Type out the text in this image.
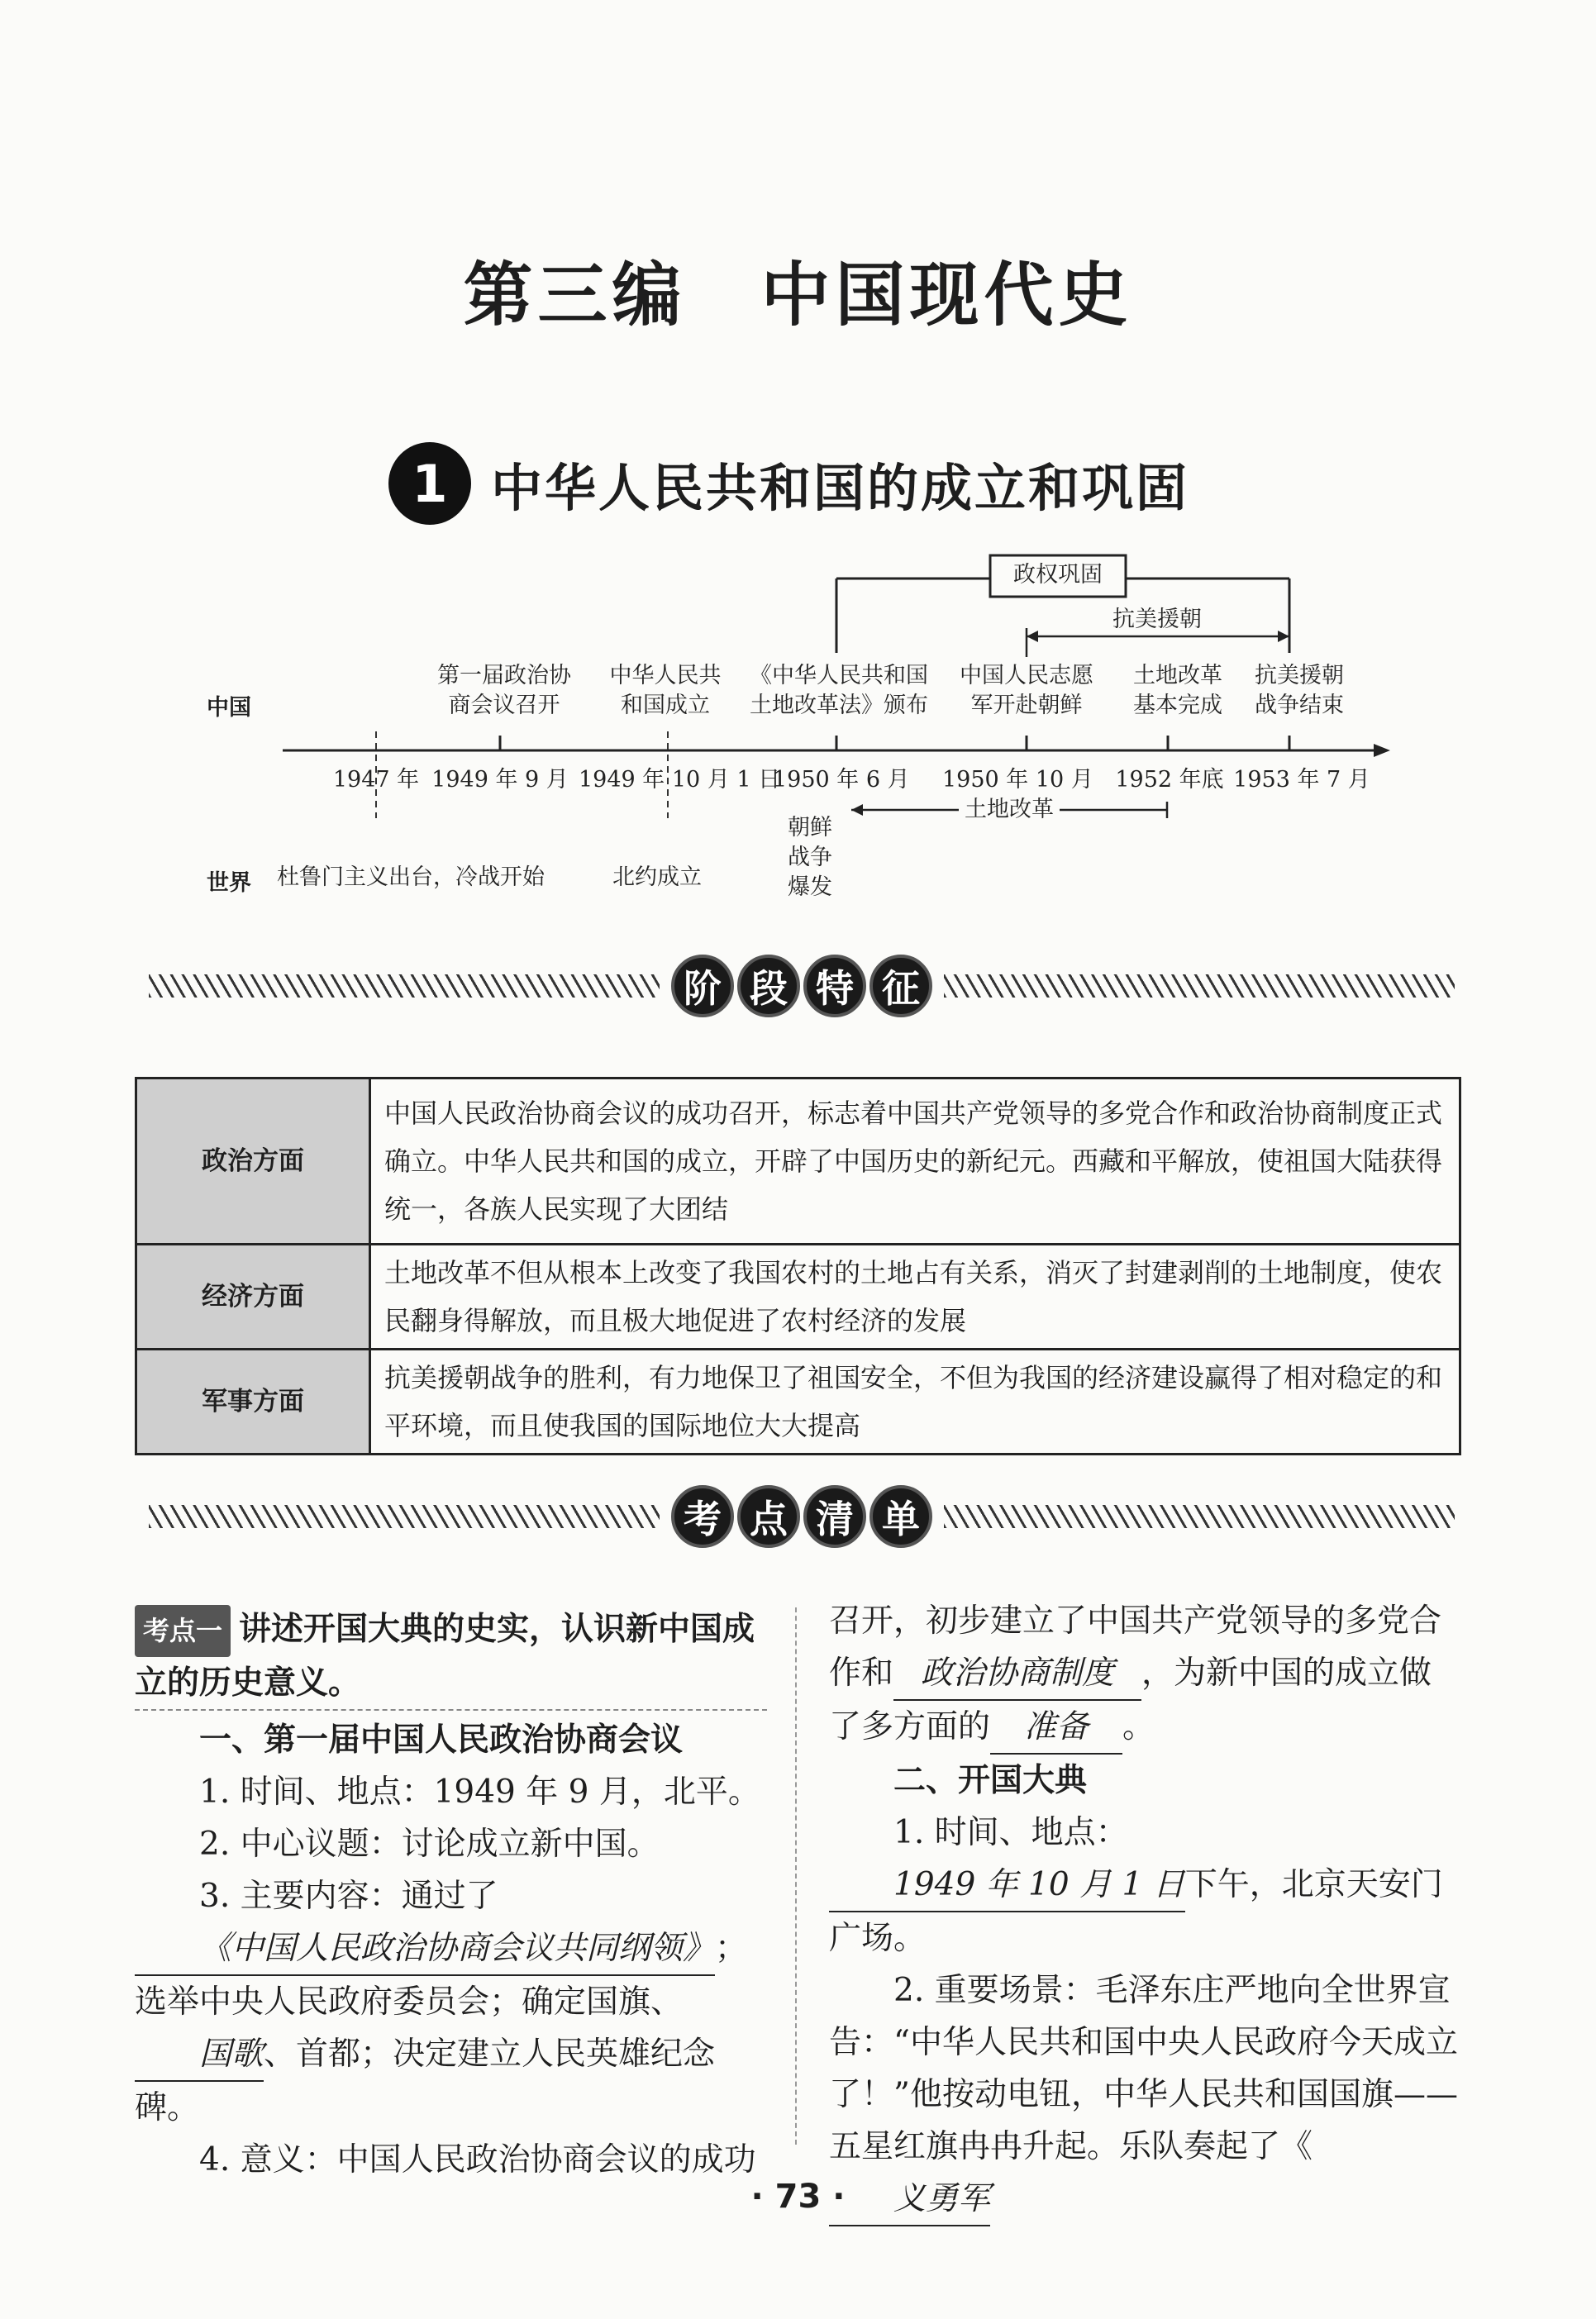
第三编　中国现代史
1 中华人民共和国的成立和巩固
政权巩固
抗美援朝
土地改革
中国
世界
第一届政治协
商会议召开
中华人民共
和国成立
《中华人民共和国
土地改革法》颁布
中国人民志愿
军开赴朝鲜
土地改革
基本完成
抗美援朝
战争结束
1947 年 1949 年 9 月 1949 年 10 月 1 日
1950 年 6 月 1950 年 10 月 1952 年底 1953 年 7 月
杜鲁门主义出台，冷战开始	北约成立
朝鲜
战争
爆发
阶 段 特 征
政治方面	中国人民政治协商会议的成功召开，标志着中国共产党领导的多党合作和政治协商制度正式确立。中华人民共和国的成立，开辟了中国历史的新纪元。西藏和平解放，使祖国大陆获得统一，各族人民实现了大团结
经济方面	土地改革不但从根本上改变了我国农村的土地占有关系，消灭了封建剥削的土地制度，使农民翻身得解放，而且极大地促进了农村经济的发展
军事方面	抗美援朝战争的胜利，有力地保卫了祖国安全，不但为我国的经济建设赢得了相对稳定的和平环境，而且使我国的国际地位大大提高
考 点 清 单

考点一 讲述开国大典的史实，认识新中国成立的历史意义。

一、第一届中国人民政治协商会议

1. 时间、地点：1949 年 9 月，北平。

2. 中心议题：讨论成立新中国。

3. 主要内容：通过了《中国人民政治协商会议共同纲领》；选举中央人民政府委员会；确定国旗、国歌、首都；决定建立人民英雄纪念碑。

4. 意义：中国人民政治协商会议的成功

召开，初步建立了中国共产党领导的多党合作和 政治协商制度 ，为新中国的成立做了多方面的 准备 。

二、开国大典

1. 时间、地点：1949 年 10 月 1 日下午，北京天安门广场。

2. 重要场景：毛泽东庄严地向全世界宣告：“中华人民共和国中央人民政府今天成立了！”他按动电钮，中华人民共和国国旗——五星红旗冉冉升起。乐队奏起了《义勇军

· 73 ·
